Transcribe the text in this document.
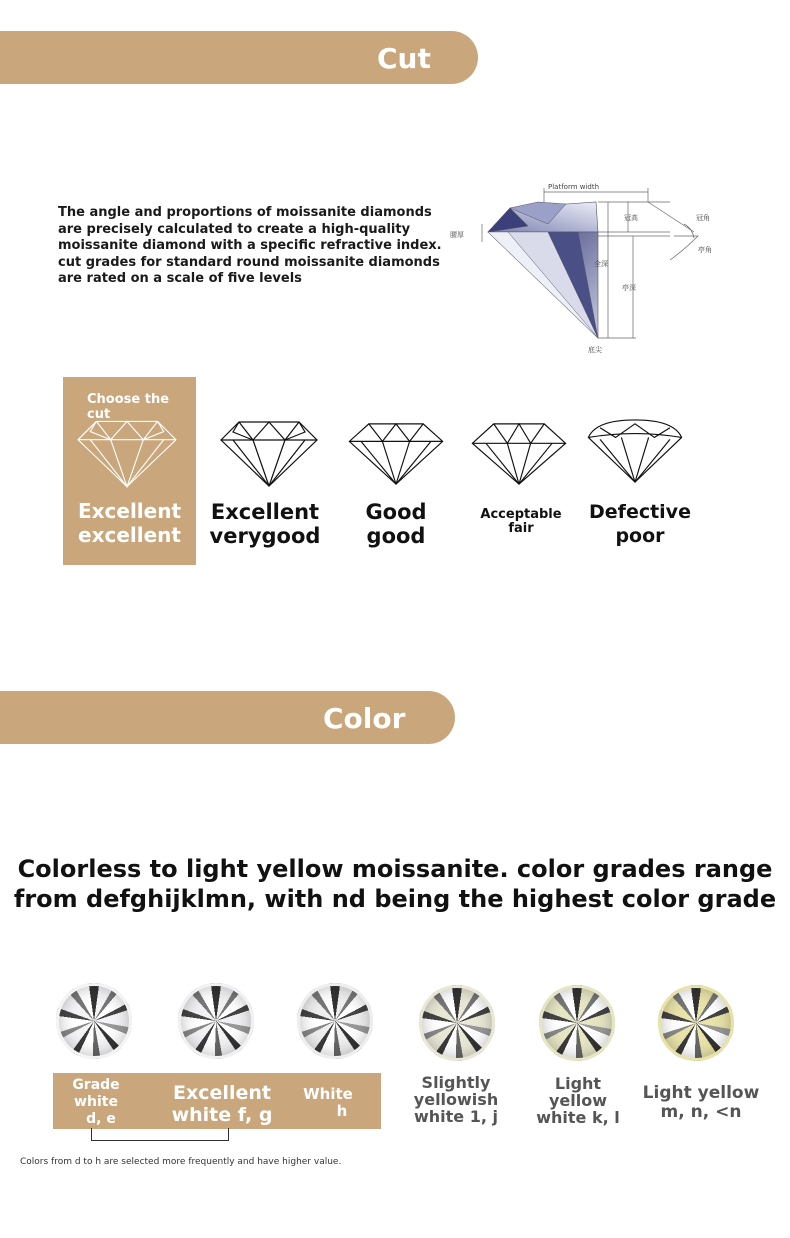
Cut
The angle and proportions of moissanite diamonds
are precisely calculated to create a high-quality
moissanite diamond with a specific refractive index.
cut grades for standard round moissanite diamonds
are rated on a scale of five levels
Platform width
腰厚
冠高	冠角
全深
亭深
亭角
底尖
Choose the cut
Excellent
excellent
Excellent
verygood
Good
good
Acceptable
fair
Defective
poor
Color
Colorless to light yellow moissanite. color grades range
from defghijklmn, with nd being the highest color grade
Grade
white
d, e
Excellent
white f, g
White
h
Slightly
yellowish
white 1, j
Light
yellow
white k, l
Light yellow
m, n, <n
Colors from d to h are selected more frequently and have higher value.
